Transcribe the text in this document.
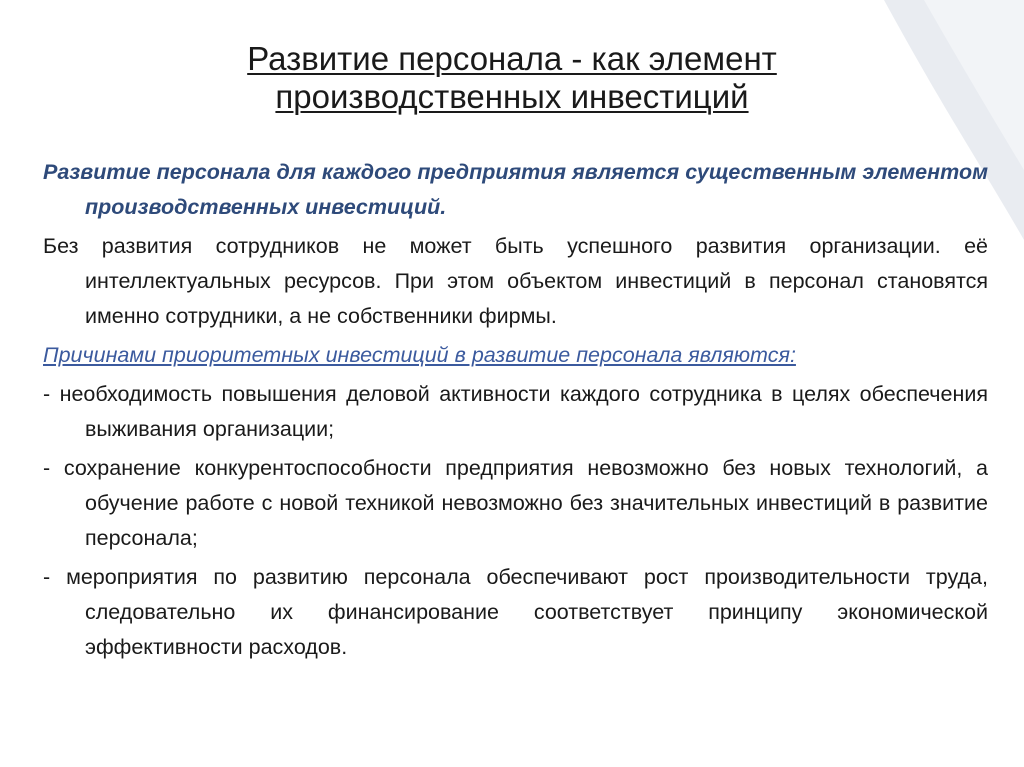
Развитие персонала - как элемент
производственных инвестиций

Развитие персонала для каждого предприятия является существенным элементом производственных инвестиций.

Без развития сотрудников не может быть успешного развития организации. её интеллектуальных ресурсов. При этом объектом инвестиций в персонал становятся именно сотрудники, а не собственники фирмы.

Причинами приоритетных инвестиций в развитие персонала являются:

- необходимость повышения деловой активности каждого сотрудника в целях обеспечения выживания организации;

- сохранение конкурентоспособности предприятия невозможно без новых технологий, а обучение работе с новой техникой невозможно без значительных инвестиций в развитие персонала;

- мероприятия по развитию персонала обеспечивают рост производительности труда, следовательно их финансирование соответствует принципу экономической эффективности расходов.
